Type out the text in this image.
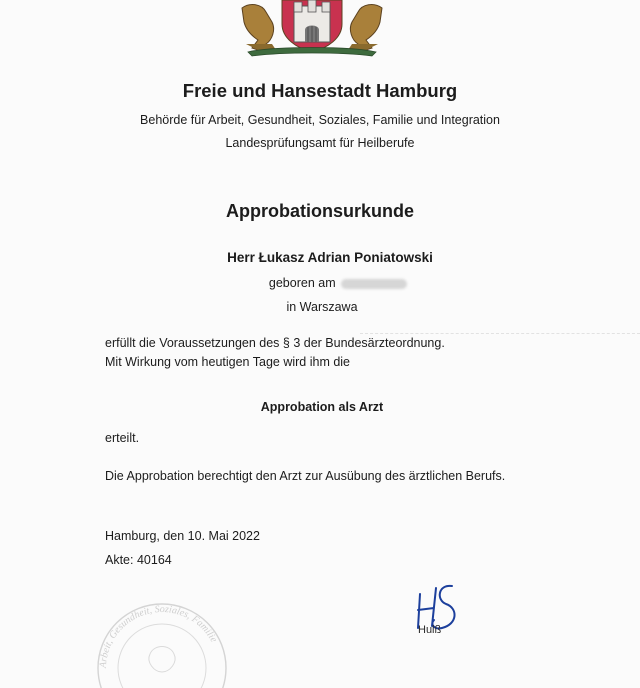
Freie und Hansestadt Hamburg
Behörde für Arbeit, Gesundheit, Soziales, Familie und Integration
Landesprüfungsamt für Heilberufe
Approbationsurkunde
Herr Łukasz Adrian Poniatowski
geboren am
in Warszawa
erfüllt die Voraussetzungen des § 3 der Bundesärzteordnung.
Mit Wirkung vom heutigen Tage wird ihm die
Approbation als Arzt
erteilt.
Die Approbation berechtigt den Arzt zur Ausübung des ärztlichen Berufs.
Hamburg, den 10. Mai 2022
Akte: 40164
Arbeit, Gesundheit, Soziales, Familie
Hulß
